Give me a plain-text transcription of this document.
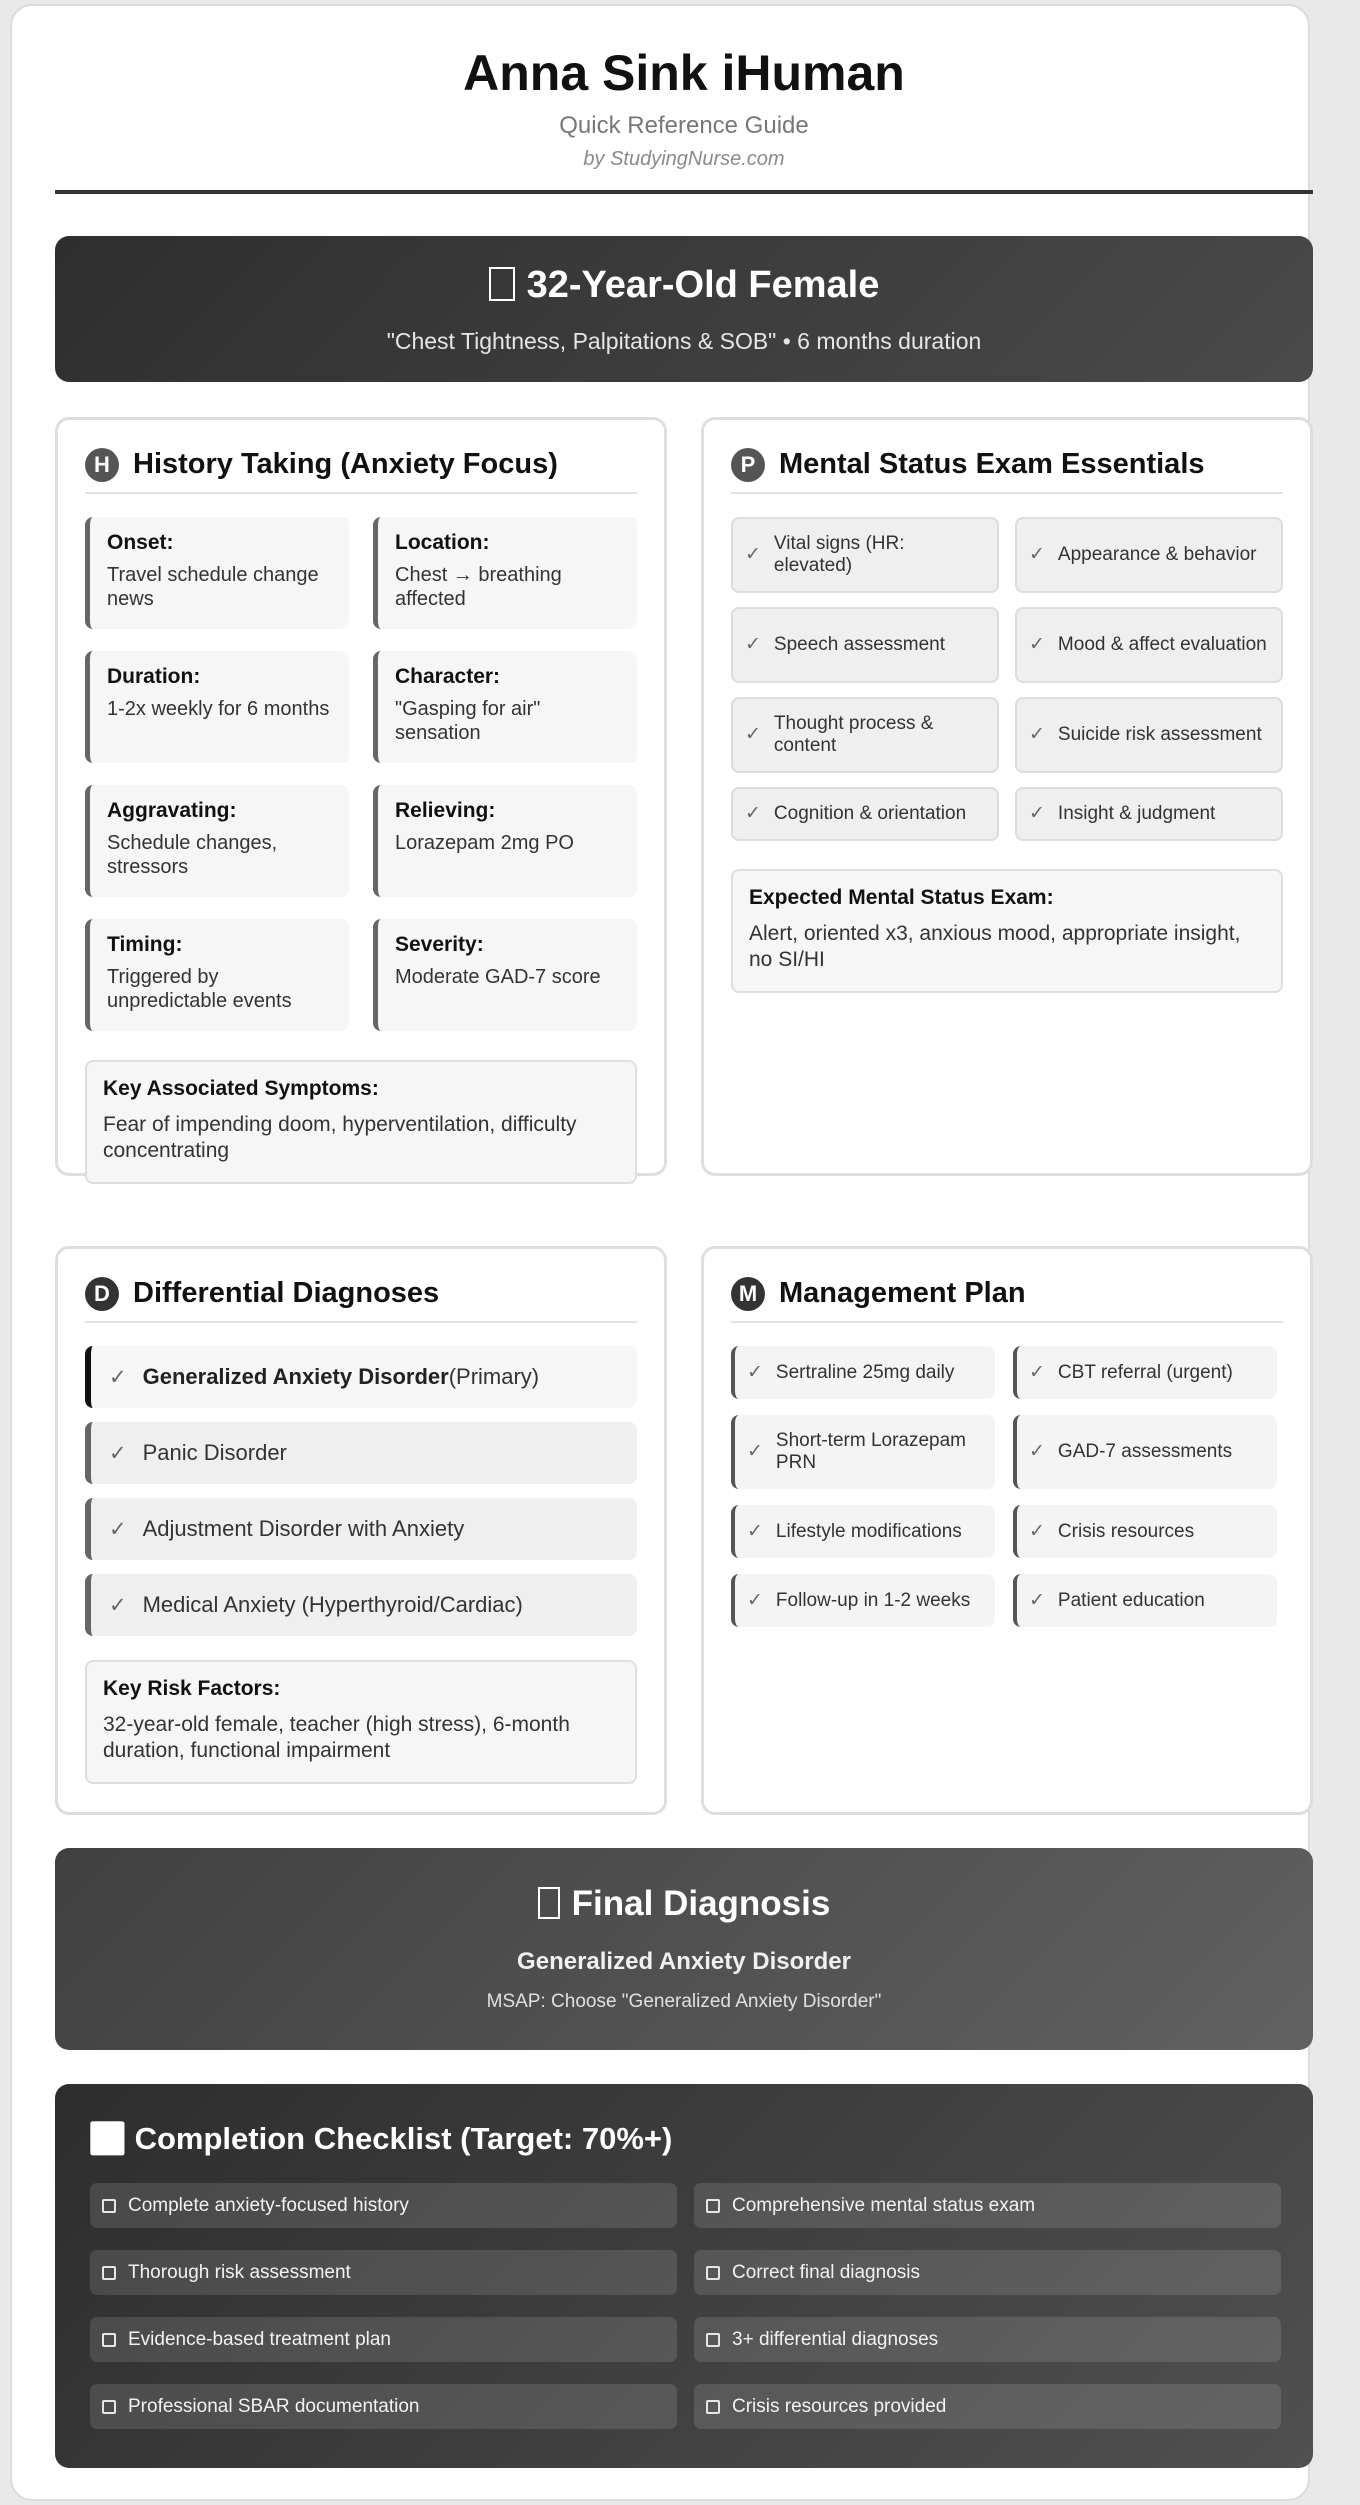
Anna Sink iHuman
Quick Reference Guide
by StudyingNurse.com
32-Year-Old Female
"Chest Tightness, Palpitations & SOB" • 6 months duration
H History Taking (Anxiety Focus)
Onset:
Travel schedule change news
Location:
Chest → breathing affected
Duration:
1-2x weekly for 6 months
Character:
"Gasping for air" sensation
Aggravating:
Schedule changes, stressors
Relieving:
Lorazepam 2mg PO
Timing:
Triggered by unpredictable events
Severity:
Moderate GAD-7 score
Key Associated Symptoms:
Fear of impending doom, hyperventilation, difficulty concentrating
P Mental Status Exam Essentials
✓
Vital signs (HR: elevated)
✓ Appearance & behavior
✓ Speech assessment	✓ Mood & affect evaluation
✓
Thought process & content
✓ Suicide risk assessment
✓ Cognition & orientation	✓ Insight & judgment
Expected Mental Status Exam:
Alert, oriented x3, anxious mood, appropriate insight, no SI/HI
D Differential Diagnoses
✓ Generalized Anxiety Disorder (Primary)
✓ Panic Disorder
✓ Adjustment Disorder with Anxiety
✓ Medical Anxiety (Hyperthyroid/Cardiac)
Key Risk Factors:
32-year-old female, teacher (high stress), 6-month duration, functional impairment
M Management Plan
✓ Sertraline 25mg daily	✓ CBT referral (urgent)
✓
Short-term Lorazepam PRN
✓ GAD-7 assessments
✓ Lifestyle modifications	✓ Crisis resources
✓ Follow-up in 1-2 weeks	✓ Patient education
Final Diagnosis
Generalized Anxiety Disorder
MSAP: Choose "Generalized Anxiety Disorder"
✅ Completion Checklist (Target: 70%+)
Complete anxiety-focused history	Comprehensive mental status exam
Thorough risk assessment	Correct final diagnosis
Evidence-based treatment plan	3+ differential diagnoses
Professional SBAR documentation	Crisis resources provided
